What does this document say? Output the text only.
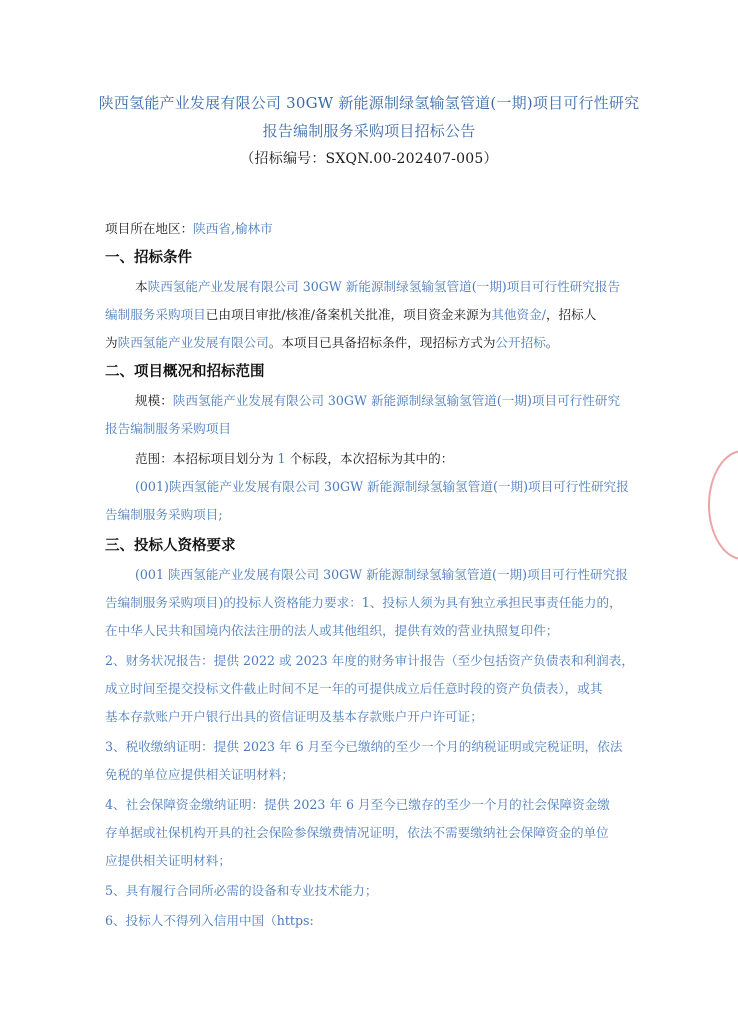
陕西氢能产业发展有限公司 30GW 新能源制绿氢输氢管道(一期)项目可行性研究
报告编制服务采购项目招标公告
（招标编号：SXQN.00-202407-005）
项目所在地区：陕西省,榆林市
一、招标条件
本陕西氢能产业发展有限公司 30GW 新能源制绿氢输氢管道(一期)项目可行性研究报告
编制服务采购项目已由项目审批/核准/备案机关批准，项目资金来源为其他资金/，招标人
为陕西氢能产业发展有限公司。本项目已具备招标条件，现招标方式为公开招标。
二、项目概况和招标范围
规模：陕西氢能产业发展有限公司 30GW 新能源制绿氢输氢管道(一期)项目可行性研究
报告编制服务采购项目
范围：本招标项目划分为 1 个标段，本次招标为其中的：
(001)陕西氢能产业发展有限公司 30GW 新能源制绿氢输氢管道(一期)项目可行性研究报
告编制服务采购项目;
三、投标人资格要求
(001 陕西氢能产业发展有限公司 30GW 新能源制绿氢输氢管道(一期)项目可行性研究报
告编制服务采购项目)的投标人资格能力要求：1、投标人须为具有独立承担民事责任能力的，
在中华人民共和国境内依法注册的法人或其他组织，提供有效的营业执照复印件；
2、财务状况报告：提供 2022 或 2023 年度的财务审计报告（至少包括资产负债表和利润表，
成立时间至提交投标文件截止时间不足一年的可提供成立后任意时段的资产负债表），或其
基本存款账户开户银行出具的资信证明及基本存款账户开户许可证；
3、税收缴纳证明：提供 2023 年 6 月至今已缴纳的至少一个月的纳税证明或完税证明，依法
免税的单位应提供相关证明材料；
4、社会保障资金缴纳证明：提供 2023 年 6 月至今已缴存的至少一个月的社会保障资金缴
存单据或社保机构开具的社会保险参保缴费情况证明，依法不需要缴纳社会保障资金的单位
应提供相关证明材料；
5、具有履行合同所必需的设备和专业技术能力；
6、投标人不得列入信用中国（https:
